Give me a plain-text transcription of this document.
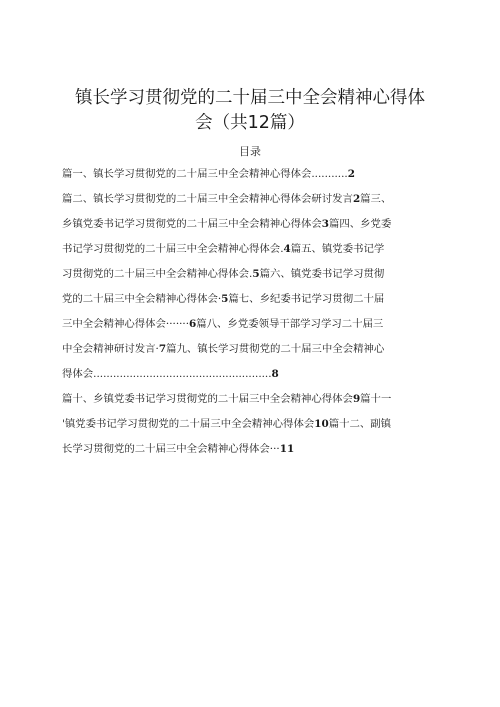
镇长学习贯彻党的二十届三中全会精神心得体
会（共12篇）
目录
篇一、镇长学习贯彻党的二十届三中全会精神心得体会...........2
篇二、镇长学习贯彻党的二十届三中全会精神心得体会研讨发言2篇三、
乡镇党委书记学习贯彻党的二十届三中全会精神心得体会3篇四、乡党委
书记学习贯彻党的二十届三中全会精神心得体会.4篇五、镇党委书记学
习贯彻党的二十届三中全会精神心得体会.5篇六、镇党委书记学习贯彻
党的二十届三中全会精神心得体会·5篇七、乡纪委书记学习贯彻二十届
三中全会精神心得体会·······6篇八、乡党委领导干部学习学习二十届三
中全会精神研讨发言·7篇九、镇长学习贯彻党的二十届三中全会精神心
得体会......................................................8
篇十、乡镇党委书记学习贯彻党的二十届三中全会精神心得体会9篇十一
'镇党委书记学习贯彻党的二十届三中全会精神心得体会10篇十二、副镇
长学习贯彻党的二十届三中全会精神心得体会···11
